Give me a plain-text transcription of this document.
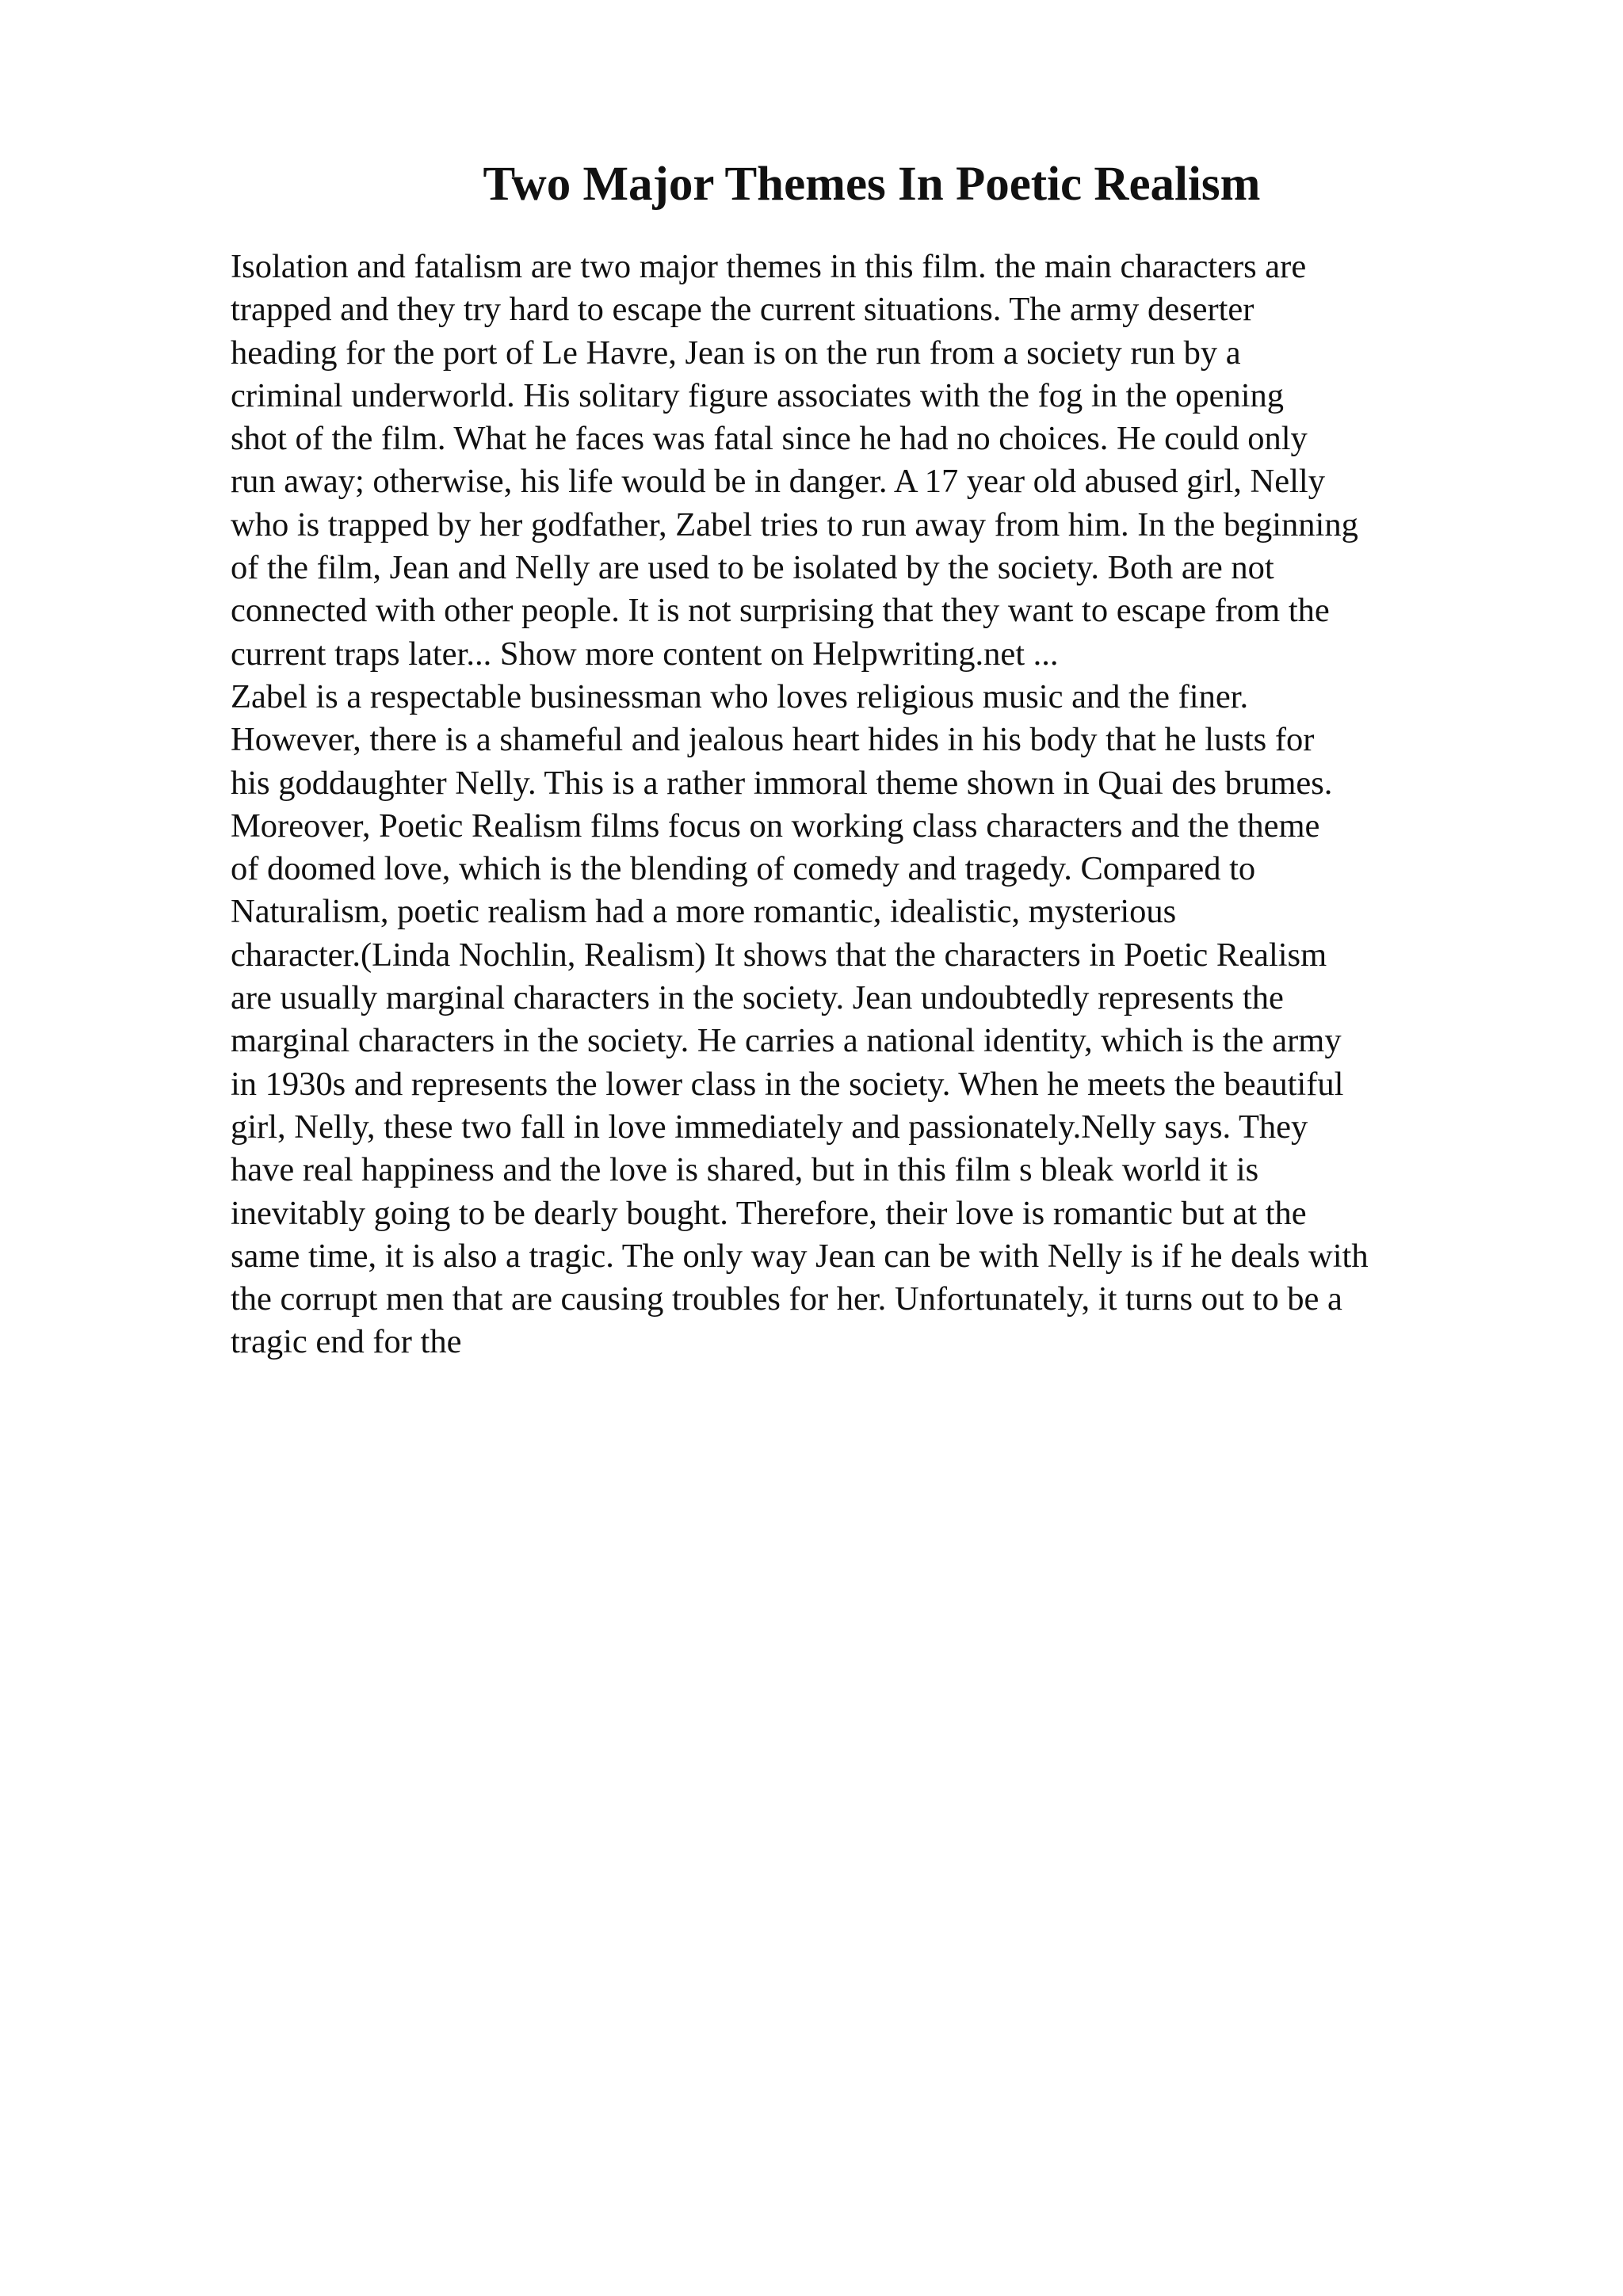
Two Major Themes In Poetic Realism
Isolation and fatalism are two major themes in this film. the main characters are
trapped and they try hard to escape the current situations. The army deserter
heading for the port of Le Havre, Jean is on the run from a society run by a
criminal underworld. His solitary figure associates with the fog in the opening
shot of the film. What he faces was fatal since he had no choices. He could only
run away; otherwise, his life would be in danger. A 17 year old abused girl, Nelly
who is trapped by her godfather, Zabel tries to run away from him. In the beginning
of the film, Jean and Nelly are used to be isolated by the society. Both are not
connected with other people. It is not surprising that they want to escape from the
current traps later... Show more content on Helpwriting.net ...
Zabel is a respectable businessman who loves religious music and the finer.
However, there is a shameful and jealous heart hides in his body that he lusts for
his goddaughter Nelly. This is a rather immoral theme shown in Quai des brumes.
Moreover, Poetic Realism films focus on working class characters and the theme
of doomed love, which is the blending of comedy and tragedy. Compared to
Naturalism, poetic realism had a more romantic, idealistic, mysterious
character.(Linda Nochlin, Realism) It shows that the characters in Poetic Realism
are usually marginal characters in the society. Jean undoubtedly represents the
marginal characters in the society. He carries a national identity, which is the army
in 1930s and represents the lower class in the society. When he meets the beautiful
girl, Nelly, these two fall in love immediately and passionately.Nelly says. They
have real happiness and the love is shared, but in this film s bleak world it is
inevitably going to be dearly bought. Therefore, their love is romantic but at the
same time, it is also a tragic. The only way Jean can be with Nelly is if he deals with
the corrupt men that are causing troubles for her. Unfortunately, it turns out to be a
tragic end for the
